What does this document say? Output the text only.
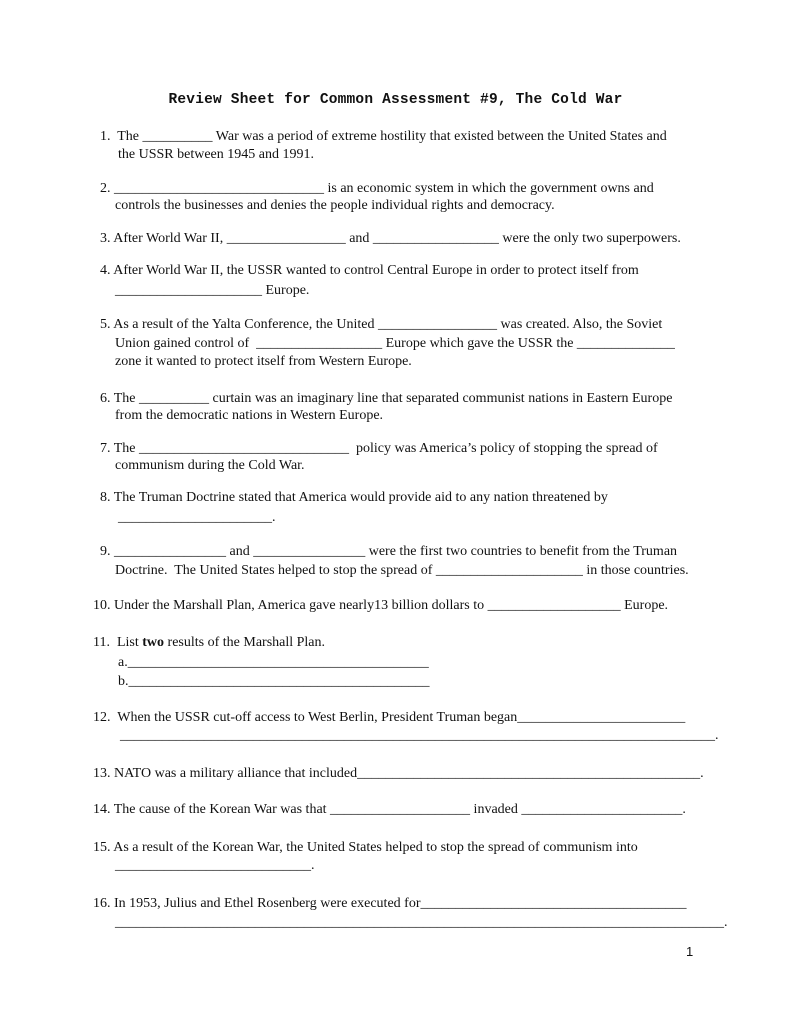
Review Sheet for Common Assessment #9, The Cold War
1.  The __________ War was a period of extreme hostility that existed between the United States and
the USSR between 1945 and 1991.
2. ______________________________ is an economic system in which the government owns and
controls the businesses and denies the people individual rights and democracy.
3. After World War II, _________________ and __________________ were the only two superpowers.
4. After World War II, the USSR wanted to control Central Europe in order to protect itself from
_____________________ Europe.
5. As a result of the Yalta Conference, the United _________________ was created. Also, the Soviet
Union gained control of  __________________ Europe which gave the USSR the ______________
zone it wanted to protect itself from Western Europe.
6. The __________ curtain was an imaginary line that separated communist nations in Eastern Europe
from the democratic nations in Western Europe.
7. The ______________________________  policy was America’s policy of stopping the spread of
communism during the Cold War.
8. The Truman Doctrine stated that America would provide aid to any nation threatened by
______________________.
9. ________________ and ________________ were the first two countries to benefit from the Truman
Doctrine.  The United States helped to stop the spread of _____________________ in those countries.
10. Under the Marshall Plan, America gave nearly13 billion dollars to ___________________ Europe.
11.  List two results of the Marshall Plan.
a.___________________________________________
b.___________________________________________
12.  When the USSR cut-off access to West Berlin, President Truman began________________________
_____________________________________________________________________________________.
13. NATO was a military alliance that included_________________________________________________.
14. The cause of the Korean War was that ____________________ invaded _______________________.
15. As a result of the Korean War, the United States helped to stop the spread of communism into
____________________________.
16. In 1953, Julius and Ethel Rosenberg were executed for______________________________________
_______________________________________________________________________________________.
1
